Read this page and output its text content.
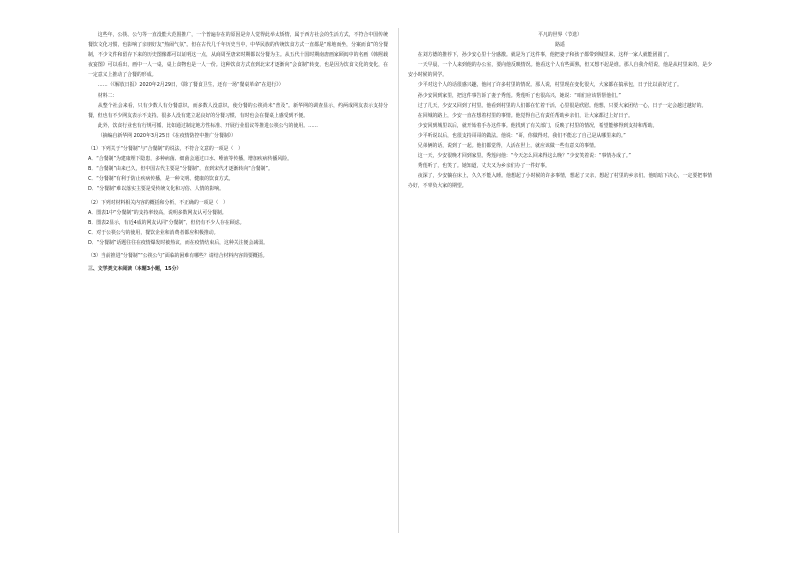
这些年，公筷、公勺等一直没能大范围推广，一个普遍存在的原因是旁人觉得此举太矫情，属于西方社会的生活方式，不符合中国传统餐饮文化习惯，也影响了亲朋好友“热闹气氛”。但在古代几千年历史当中，中华民族的传统饮食方式一直都是“席地而坐，分案而食”的分餐制，不少文件和留存下来的历史图像都可以证明这一点，从商周至唐宋时期都以分餐为主。从五代十国时期南唐画家顾闳中的名画《韩熙载夜宴图》可以看出，画中一人一桌，桌上食物也是一人一份。这种饮食方式直到北宋才逐渐向“会食制”转变，也是因为饮食文化的变化，在一定意义上推动了合餐的形成。

……（《解放日报》2020年2月29日，《除了餐食卫生，还有一场“餐桌革命”在进行》）

材料二：

从整个社会来看，只有少数人有分餐意识，而多数人没意识，使分餐的公筷尚未“普及”。新华网的调查显示，约两成网友表示支持分餐，但也有不少网友表示不支持。很多人没有建立起良好的分餐习惯，有时也会在餐桌上感受到不便。

此外，饮食行业也有行规可循，比如通过制定地方性标准、开展行业倡议等推进公筷公勺的使用。……

（摘编自新华网 2020年3月25日《在疫情防控中推广分餐制》）

（1）下列关于“分餐制”与“合餐制”的说法，不符合文意的一项是（　）

A．“合餐制”为建康埋下隐患，多种病菌、细菌会通过口水、唾液等传播，增加疾病传播风险。

B．“合餐制”由来已久，但中国古代主要是“分餐制”，直到宋代才逐渐转向“合餐制”。

C．“分餐制”有利于防止疾病传播，是一种文明、健康的饮食方式。

D．“分餐制”难以落实主要是受传统文化和习俗、人情的影响。

（2）下列对材料相关内容的概括和分析，不正确的一项是（　）

A．图表1中“分餐制”的支持率较高，说明多数网友认可分餐制。

B．图表2显示，有近4成的网友认同“分餐制”，但仍有不少人存在顾虑。

C．对于公筷公勺的使用，餐饮企业和消费者都应积极推动。

D．“分餐制”话题往往在疫情爆发时被热议，而在疫情结束后，这种关注便会减弱。

（3）当前推进“分餐制”“公筷公勺”面临的困难有哪些？请结合材料内容简要概括。

三、文学类文本阅读（本题3小题，15分）

平凡的世界（节选）

路遥

在刘方德的推荐下，孙少安心里十分感激。就是为了这件事，他把妻子和孩子都带到城里来，这样一家人就能团圆了。

一天早晨，一个人来到他的办公室，要向他反映情况。他看这个人有些面熟，但又想不起是谁。那人自我介绍说，他是从村里来的，是少安小时候的同学。

少平对这个人的话很感兴趣，他问了许多村里的情况。那人说，村里现在变化很大，大家都在搞承包，日子比以前好过了。

孙少安回到家里，把这件事告诉了妻子秀莲。秀莲听了也很高兴，她说：“咱们应该帮帮他们。”

过了几天，少安又回到了村里。他看到村里的人们都在忙着干活，心里很是欣慰。他想，只要大家团结一心，日子一定会越过越好的。

在回城的路上，少安一直在想着村里的事情。他觉得自己有责任帮助乡亲们，让大家都过上好日子。

少安回到城里以后，就开始着手办这件事。他找到了有关部门，反映了村里的情况，希望能够得到支持和帮助。

少平听说以后，也很支持哥哥的做法。他说：“哥，你做得对。我们不能忘了自己是从哪里来的。”

兄弟俩的话，说到了一起。他们都觉得，人活在世上，就应该做一些有意义的事情。

这一天，少安很晚才回到家里。秀莲问他：“今天怎么回来得这么晚？”少安笑着说：“事情办成了。”

秀莲听了，也笑了。她知道，丈夫又为乡亲们办了一件好事。

夜深了，少安躺在床上，久久不能入睡。他想起了小时候的许多事情，想起了父亲，想起了村里的乡亲们。他暗暗下决心，一定要把事情办好，不辜负大家的期望。
